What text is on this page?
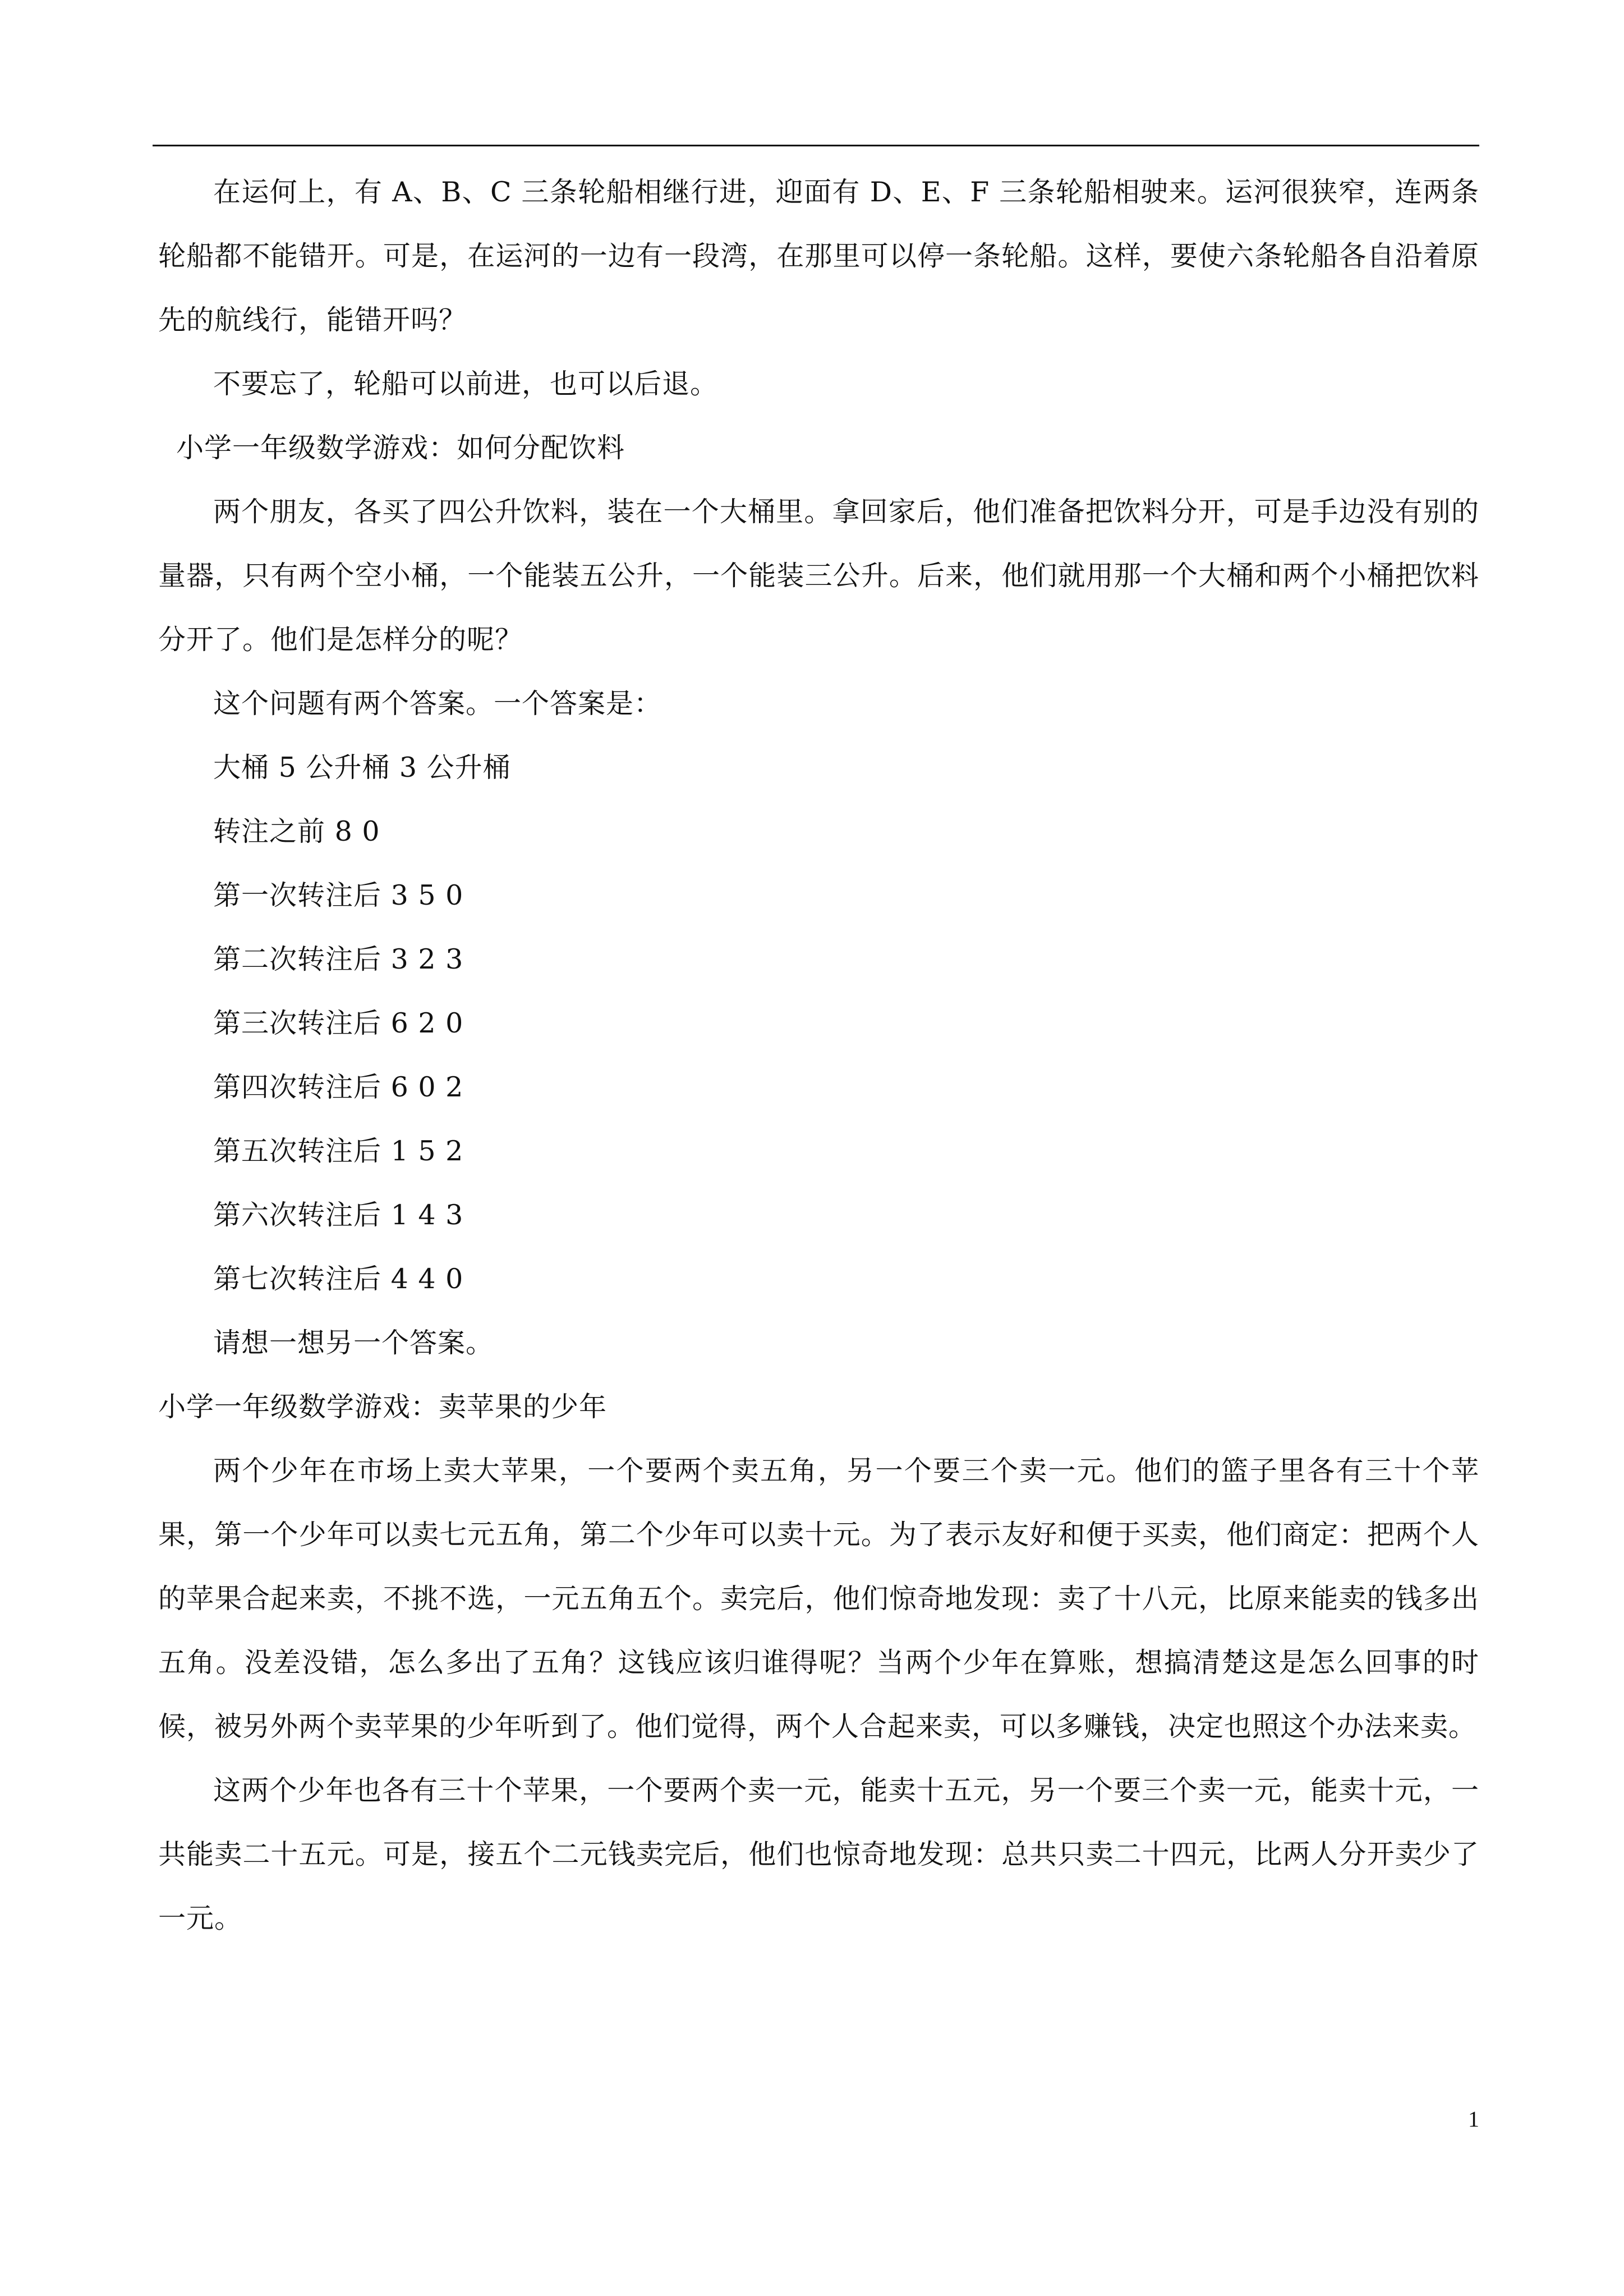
在运何上，有 A、B、C 三条轮船相继行进，迎面有 D、E、F 三条轮船相驶来。运河很狭窄，连两条轮船都不能错开。可是，在运河的一边有一段湾，在那里可以停一条轮船。这样，要使六条轮船各自沿着原先的航线行，能错开吗？

不要忘了，轮船可以前进，也可以后退。

小学一年级数学游戏：如何分配饮料

两个朋友，各买了四公升饮料，装在一个大桶里。拿回家后，他们准备把饮料分开，可是手边没有别的量器，只有两个空小桶，一个能装五公升，一个能装三公升。后来，他们就用那一个大桶和两个小桶把饮料分开了。他们是怎样分的呢？

这个问题有两个答案。一个答案是：

大桶 5 公升桶 3 公升桶

转注之前 8 0

第一次转注后 3 5 0

第二次转注后 3 2 3

第三次转注后 6 2 0

第四次转注后 6 0 2

第五次转注后 1 5 2

第六次转注后 1 4 3

第七次转注后 4 4 0

请想一想另一个答案。

小学一年级数学游戏：卖苹果的少年

两个少年在市场上卖大苹果，一个要两个卖五角，另一个要三个卖一元。他们的篮子里各有三十个苹果，第一个少年可以卖七元五角，第二个少年可以卖十元。为了表示友好和便于买卖，他们商定：把两个人的苹果合起来卖，不挑不选，一元五角五个。卖完后，他们惊奇地发现：卖了十八元，比原来能卖的钱多出五角。没差没错，怎么多出了五角？这钱应该归谁得呢？当两个少年在算账，想搞清楚这是怎么回事的时候，被另外两个卖苹果的少年听到了。他们觉得，两个人合起来卖，可以多赚钱，决定也照这个办法来卖。

这两个少年也各有三十个苹果，一个要两个卖一元，能卖十五元，另一个要三个卖一元，能卖十元，一共能卖二十五元。可是，接五个二元钱卖完后，他们也惊奇地发现：总共只卖二十四元，比两人分开卖少了一元。

1
